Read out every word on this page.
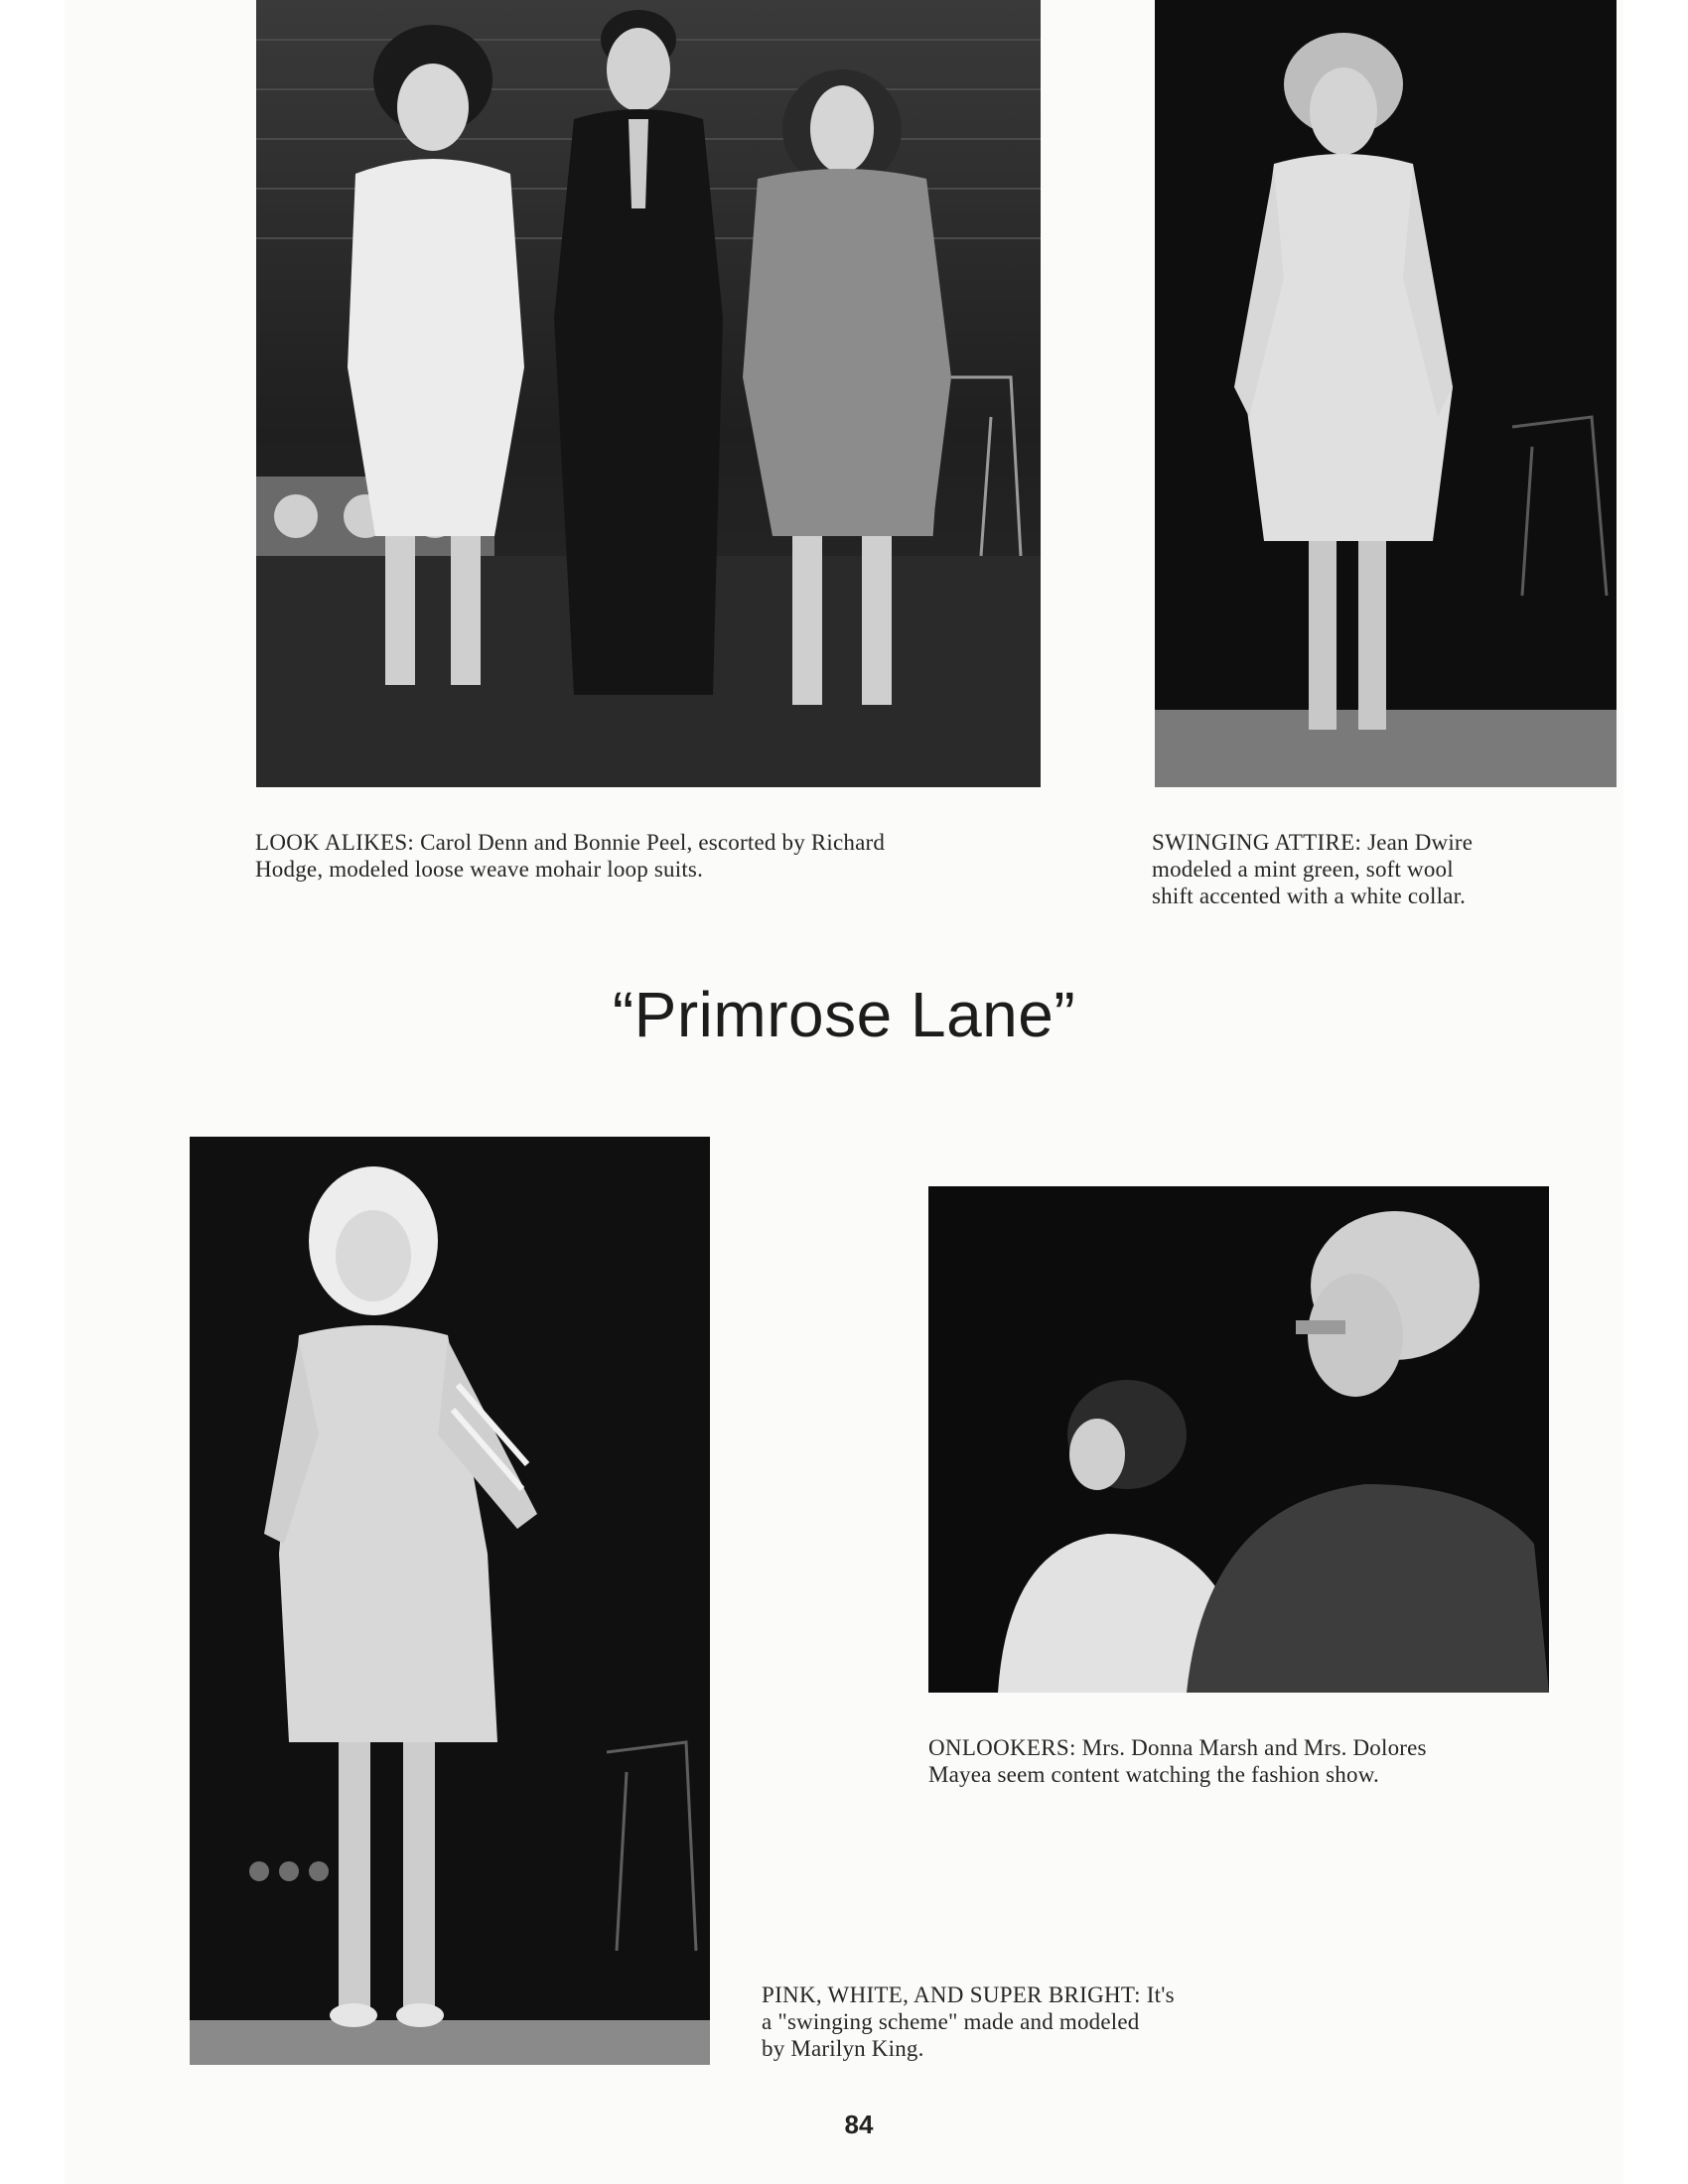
LOOK ALIKES: Carol Denn and Bonnie Peel, escorted by Richard
Hodge, modeled loose weave mohair loop suits.
SWINGING ATTIRE: Jean Dwire
modeled a mint green, soft wool
shift accented with a white collar.
“Primrose Lane”
ONLOOKERS: Mrs. Donna Marsh and Mrs. Dolores
Mayea seem content watching the fashion show.
PINK, WHITE, AND SUPER BRIGHT: It's
a "swinging scheme" made and modeled
by Marilyn King.
84
